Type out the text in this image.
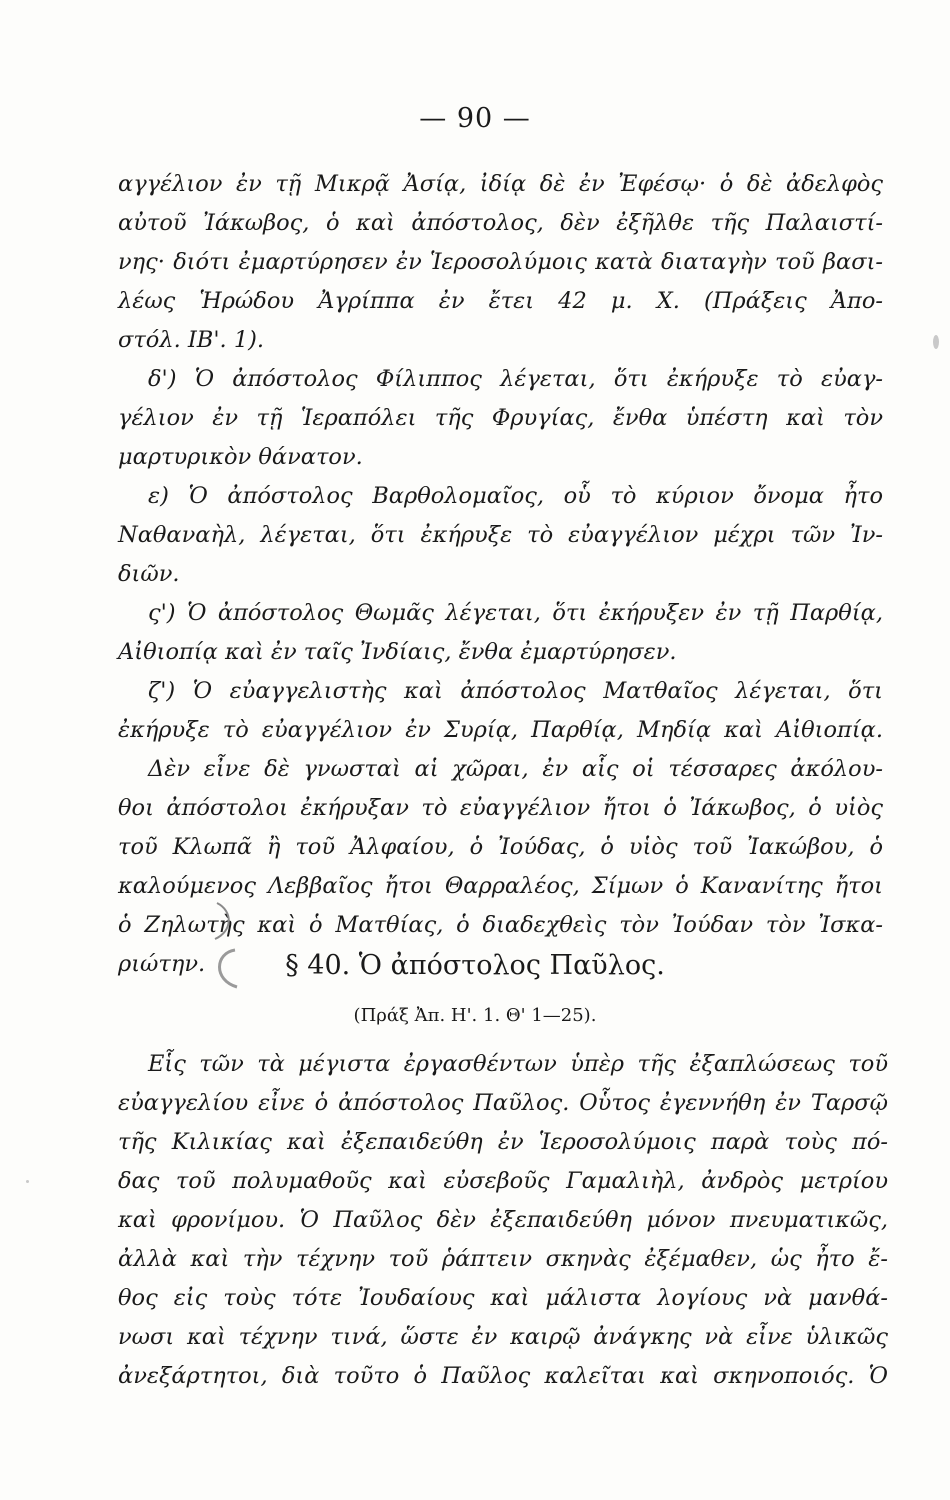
— 90 —
αγγέλιον ἐν τῇ Μικρᾷ Ἀσίᾳ, ἰδίᾳ δὲ ἐν Ἐφέσῳ· ὁ δὲ ἀδελφὸς
αὐτοῦ Ἰάκωβος, ὁ καὶ ἀπόστολος, δὲν ἐξῆλθε τῆς Παλαιστί-
νης· διότι ἐμαρτύρησεν ἐν Ἱεροσολύμοις κατὰ διαταγὴν τοῦ βασι-
λέως Ἡρώδου Ἀγρίππα ἐν ἔτει 42 μ. Χ. (Πράξεις Ἀπο-
στόλ. ΙΒ'. 1).
δ') Ὁ ἀπόστολος Φίλιππος λέγεται, ὅτι ἐκήρυξε τὸ εὐαγ-
γέλιον ἐν τῇ Ἱεραπόλει τῆς Φρυγίας, ἔνθα ὑπέστη καὶ τὸν
μαρτυρικὸν θάνατον.
ε) Ὁ ἀπόστολος Βαρθολομαῖος, οὗ τὸ κύριον ὄνομα ἦτο
Ναθαναὴλ, λέγεται, ὅτι ἐκήρυξε τὸ εὐαγγέλιον μέχρι τῶν Ἰν-
διῶν.
ς') Ὁ ἀπόστολος Θωμᾶς λέγεται, ὅτι ἐκήρυξεν ἐν τῇ Παρθίᾳ,
Αἰθιοπίᾳ καὶ ἐν ταῖς Ἰνδίαις, ἔνθα ἐμαρτύρησεν.
ζ') Ὁ εὐαγγελιστὴς καὶ ἀπόστολος Ματθαῖος λέγεται, ὅτι
ἐκήρυξε τὸ εὐαγγέλιον ἐν Συρίᾳ, Παρθίᾳ, Μηδίᾳ καὶ Αἰθιοπίᾳ.
Δὲν εἶνε δὲ γνωσταὶ αἱ χῶραι, ἐν αἷς οἱ τέσσαρες ἀκόλου-
θοι ἀπόστολοι ἐκήρυξαν τὸ εὐαγγέλιον ἤτοι ὁ Ἰάκωβος, ὁ υἱὸς
τοῦ Κλωπᾶ ἢ τοῦ Ἀλφαίου, ὁ Ἰούδας, ὁ υἱὸς τοῦ Ἰακώβου, ὁ
καλούμενος Λεββαῖος ἤτοι Θαρραλέος, Σίμων ὁ Κανανίτης ἤτοι
ὁ Ζηλωτὴς καὶ ὁ Ματθίας, ὁ διαδεχθεὶς τὸν Ἰούδαν τὸν Ἰσκα-
ριώτην.	§ 40. Ὁ ἀπόστολος Παῦλος.
(Πράξ Ἀπ. Η'. 1. Θ' 1—25).
Εἷς τῶν τὰ μέγιστα ἐργασθέντων ὑπὲρ τῆς ἐξαπλώσεως τοῦ
εὐαγγελίου εἶνε ὁ ἀπόστολος Παῦλος. Οὗτος ἐγεννήθη ἐν Ταρσῷ
τῆς Κιλικίας καὶ ἐξεπαιδεύθη ἐν Ἱεροσολύμοις παρὰ τοὺς πό-
δας τοῦ πολυμαθοῦς καὶ εὐσεβοῦς Γαμαλιὴλ, ἀνδρὸς μετρίου
καὶ φρονίμου. Ὁ Παῦλος δὲν ἐξεπαιδεύθη μόνον πνευματικῶς,
ἀλλὰ καὶ τὴν τέχνην τοῦ ῥάπτειν σκηνὰς ἐξέμαθεν, ὡς ἦτο ἔ-
θος εἰς τοὺς τότε Ἰουδαίους καὶ μάλιστα λογίους νὰ μανθά-
νωσι καὶ τέχνην τινά, ὥστε ἐν καιρῷ ἀνάγκης νὰ εἶνε ὑλικῶς
ἀνεξάρτητοι, διὰ τοῦτο ὁ Παῦλος καλεῖται καὶ σκηνοποιός. Ὁ
